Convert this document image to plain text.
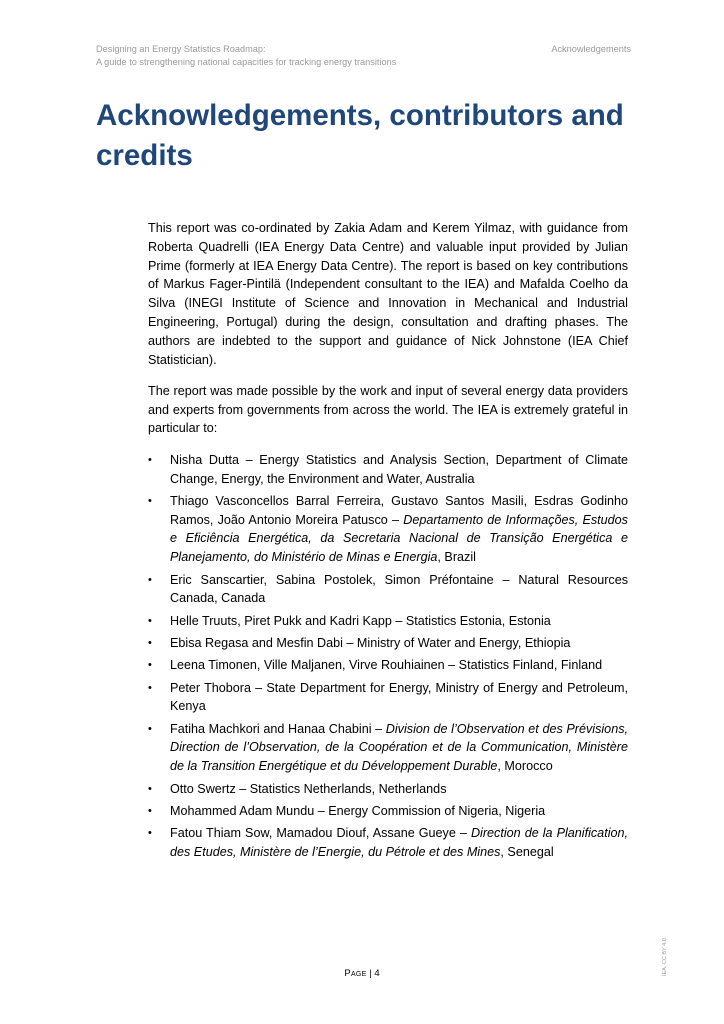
Designing an Energy Statistics Roadmap:
A guide to strengthening national capacities for tracking energy transitions
Acknowledgements
Acknowledgements, contributors and credits

This report was co-ordinated by Zakia Adam and Kerem Yilmaz, with guidance from Roberta Quadrelli (IEA Energy Data Centre) and valuable input provided by Julian Prime (formerly at IEA Energy Data Centre). The report is based on key contributions of Markus Fager-Pintilä (Independent consultant to the IEA) and Mafalda Coelho da Silva (INEGI Institute of Science and Innovation in Mechanical and Industrial Engineering, Portugal) during the design, consultation and drafting phases. The authors are indebted to the support and guidance of Nick Johnstone (IEA Chief Statistician).

The report was made possible by the work and input of several energy data providers and experts from governments from across the world. The IEA is extremely grateful in particular to:

• Nisha Dutta – Energy Statistics and Analysis Section, Department of Climate Change, Energy, the Environment and Water, Australia
• Thiago Vasconcellos Barral Ferreira, Gustavo Santos Masili, Esdras Godinho Ramos, João Antonio Moreira Patusco – Departamento de Informações, Estudos e Eficiência Energética, da Secretaria Nacional de Transição Energética e Planejamento, do Ministério de Minas e Energia, Brazil
• Eric Sanscartier, Sabina Postolek, Simon Préfontaine – Natural Resources Canada, Canada
• Helle Truuts, Piret Pukk and Kadri Kapp – Statistics Estonia, Estonia
• Ebisa Regasa and Mesfin Dabi – Ministry of Water and Energy, Ethiopia
• Leena Timonen, Ville Maljanen, Virve Rouhiainen – Statistics Finland, Finland
• Peter Thobora – State Department for Energy, Ministry of Energy and Petroleum, Kenya
• Fatiha Machkori and Hanaa Chabini – Division de l’Observation et des Prévisions, Direction de l’Observation, de la Coopération et de la Communication, Ministère de la Transition Energétique et du Développement Durable, Morocco
• Otto Swertz – Statistics Netherlands, Netherlands
• Mohammed Adam Mundu – Energy Commission of Nigeria, Nigeria
• Fatou Thiam Sow, Mamadou Diouf, Assane Gueye – Direction de la Planification, des Etudes, Ministère de l’Energie, du Pétrole et des Mines, Senegal
Page | 4	IEA. CC BY 4.0.
